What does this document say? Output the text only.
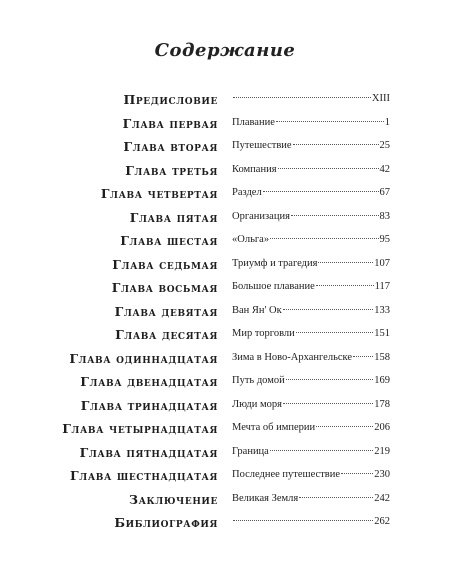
Содержание
Предисловие	XIII
Глава первая Плавание	1
Глава вторая Путешествие	25
Глава третья Компания	42
Глава четвертая Раздел	67
Глава пятая Организация	83
Глава шестая «Ольга»	95
Глава седьмая Триумф и трагедия	107
Глава восьмая Большое плавание	117
Глава девятая Ван Ян' Ок	133
Глава десятая Мир торговли	151
Глава одиннадцатая Зима в Ново-Архангельске 158
Глава двенадцатая Путь домой	169
Глава тринадцатая Люди моря	178
Глава четырнадцатая Мечта об империи	206
Глава пятнадцатая Граница	219
Глава шестнадцатая Последнее путешествие	230
Заключение Великая Земля	242
Библиография	262
